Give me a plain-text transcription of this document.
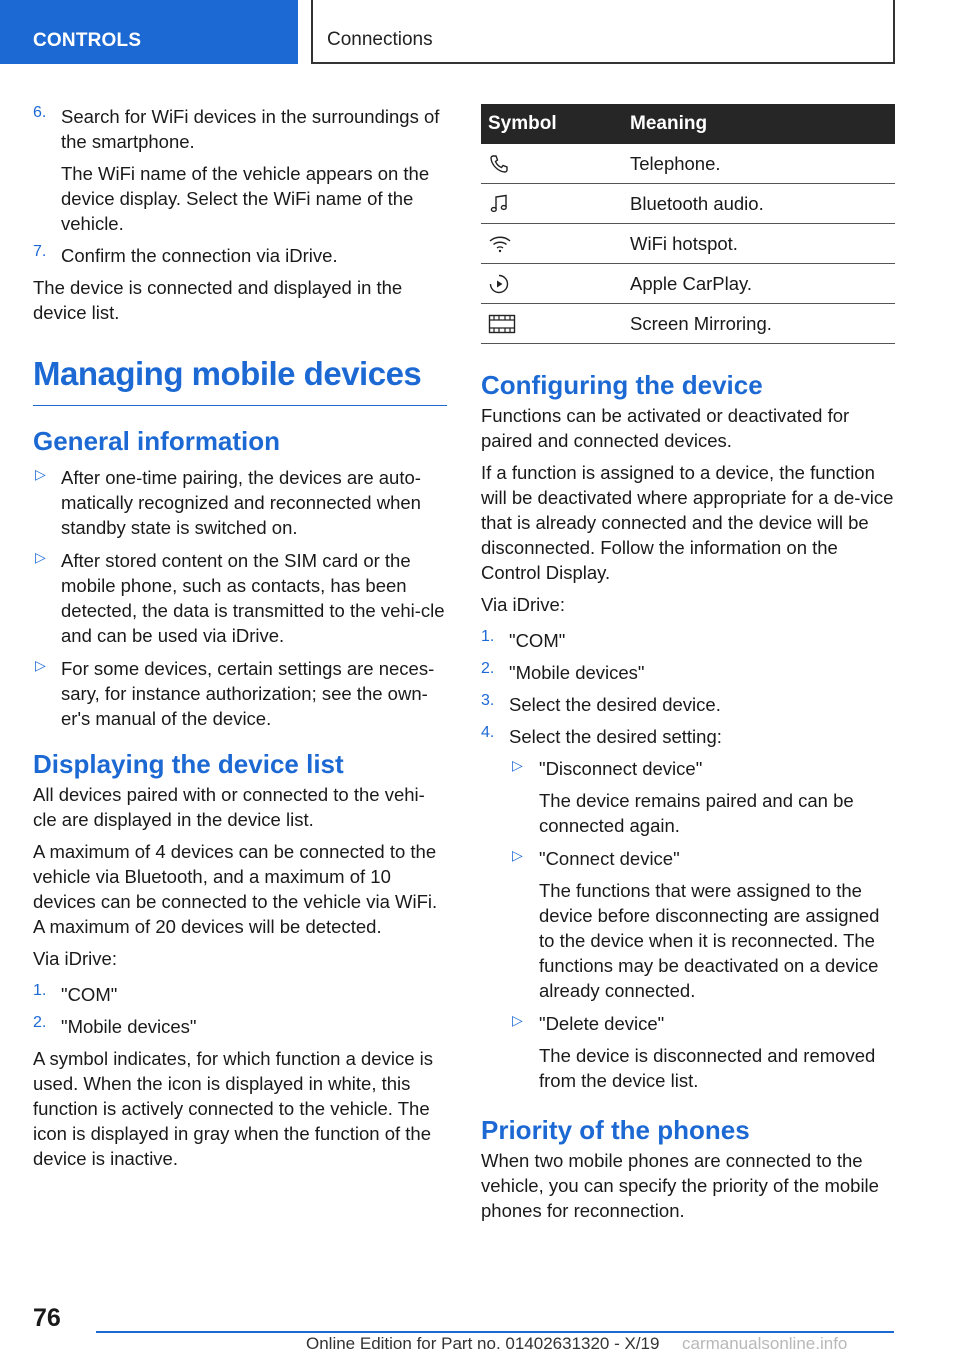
CONTROLS	Connections
6. Search for WiFi devices in the surroundings of the smartphone.

The WiFi name of the vehicle appears on the device display. Select the WiFi name of the vehicle.

7. Confirm the connection via iDrive.

The device is connected and displayed in the device list.

Managing mobile devices
General information
▷ After one-time pairing, the devices are auto-matically recognized and reconnected when standby state is switched on.

▷ After stored content on the SIM card or the mobile phone, such as contacts, has been detected, the data is transmitted to the vehi-cle and can be used via iDrive.

▷ For some devices, certain settings are neces-sary, for instance authorization; see the own-er's manual of the device.

Displaying the device list

All devices paired with or connected to the vehi-cle are displayed in the device list.

A maximum of 4 devices can be connected to the vehicle via Bluetooth, and a maximum of 10 devices can be connected to the vehicle via WiFi. A maximum of 20 devices will be detected.

Via iDrive:

1. "COM"

2. "Mobile devices"

A symbol indicates, for which function a device is used. When the icon is displayed in white, this function is actively connected to the vehicle. The icon is displayed in gray when the function of the device is inactive.

Symbol	Meaning
	Telephone.
	Bluetooth audio.
	WiFi hotspot.
	Apple CarPlay.
	Screen Mirroring.
Configuring the device

Functions can be activated or deactivated for paired and connected devices.

If a function is assigned to a device, the function will be deactivated where appropriate for a de-vice that is already connected and the device will be disconnected. Follow the information on the Control Display.

Via iDrive:

1. "COM"

2. "Mobile devices"

3. Select the desired device.

4. Select the desired setting:

▷ "Disconnect device"

The device remains paired and can be connected again.

▷ "Connect device"

The functions that were assigned to the device before disconnecting are assigned to the device when it is reconnected. The functions may be deactivated on a device already connected.

▷ "Delete device"

The device is disconnected and removed from the device list.

Priority of the phones

When two mobile phones are connected to the vehicle, you can specify the priority of the mobile phones for reconnection.

76
Online Edition for Part no. 01402631320 - X/19 carmanualsonline.info
